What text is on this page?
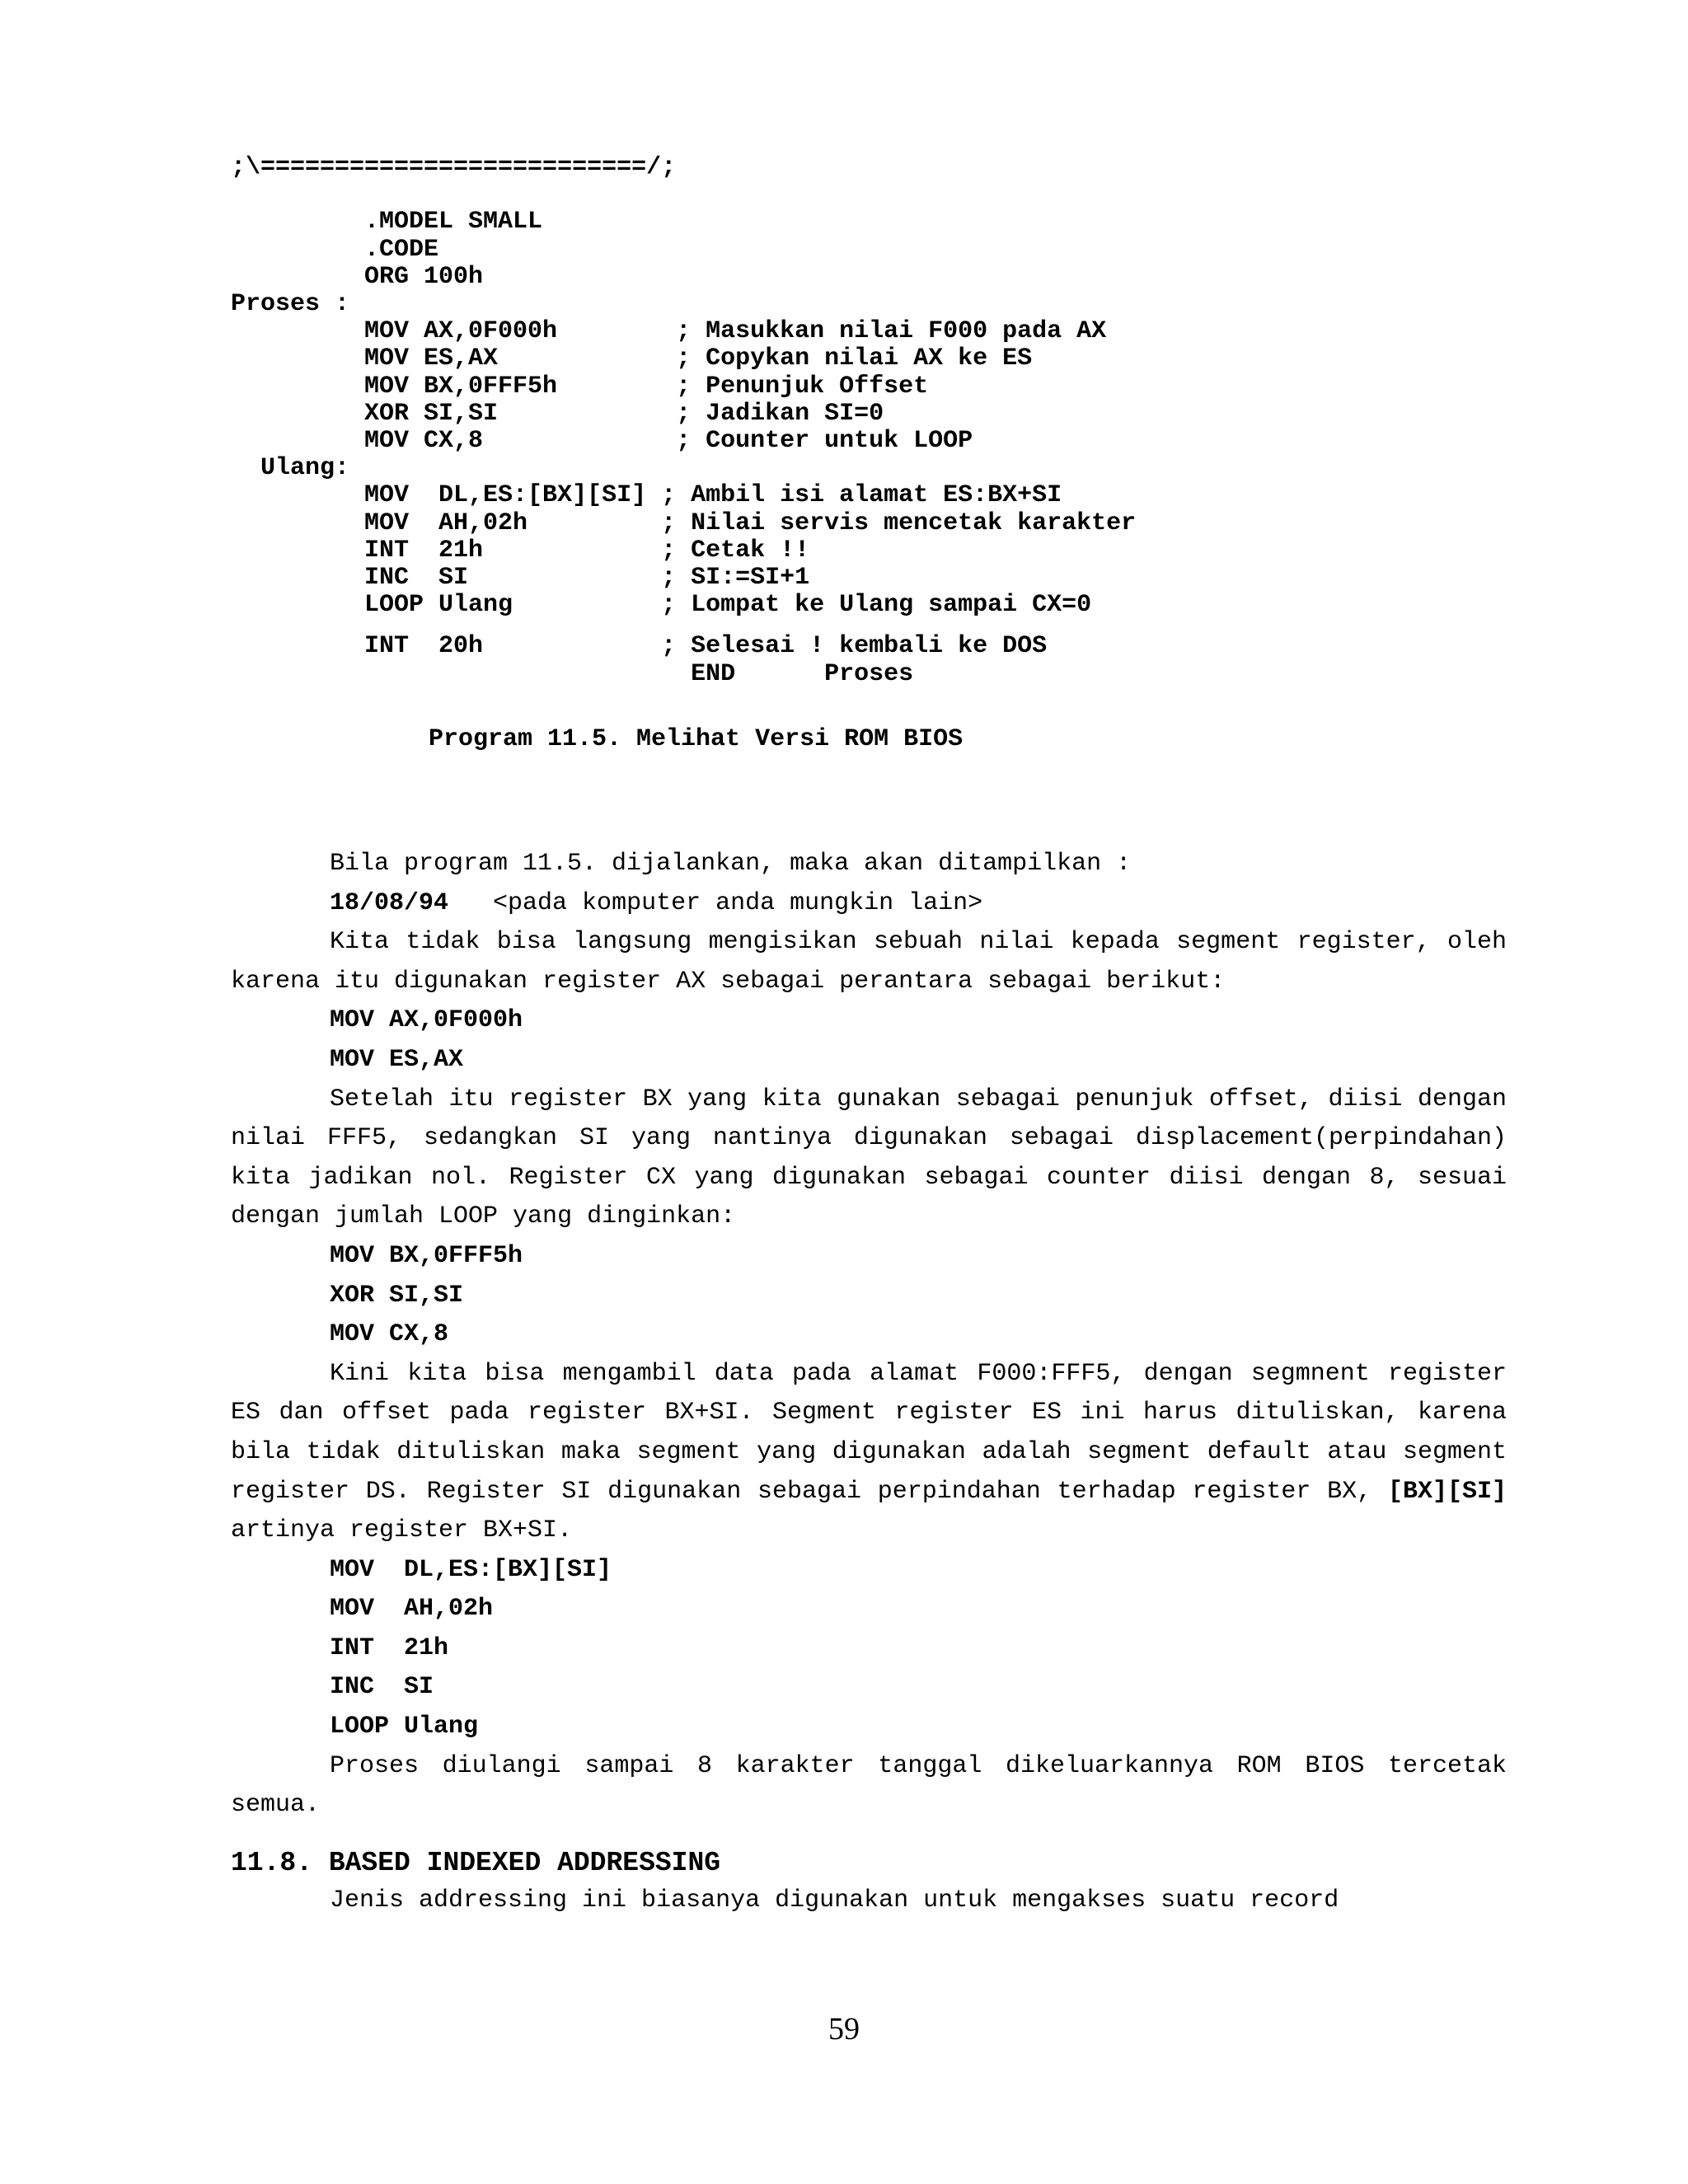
;\==========================/;

.MODEL SMALL
.CODE
ORG 100h
Proses :
MOV AX,0F000h        ; Masukkan nilai F000 pada AX
MOV ES,AX            ; Copykan nilai AX ke ES
MOV BX,0FFF5h        ; Penunjuk Offset
XOR SI,SI            ; Jadikan SI=0
MOV CX,8             ; Counter untuk LOOP
Ulang:
MOV  DL,ES:[BX][SI] ; Ambil isi alamat ES:BX+SI
MOV  AH,02h         ; Nilai servis mencetak karakter
INT  21h            ; Cetak !!
INC  SI             ; SI:=SI+1
LOOP Ulang          ; Lompat ke Ulang sampai CX=0

INT  20h            ; Selesai ! kembali ke DOS
END      Proses
Program 11.5. Melihat Versi ROM BIOS

Bila program 11.5. dijalankan, maka akan ditampilkan :

18/08/94   <pada komputer anda mungkin lain>

Kita tidak bisa langsung mengisikan sebuah nilai kepada segment register, oleh karena itu digunakan register AX sebagai perantara sebagai berikut:

MOV AX,0F000h

MOV ES,AX

Setelah itu register BX yang kita gunakan sebagai penunjuk offset, diisi dengan nilai FFF5, sedangkan SI yang nantinya digunakan sebagai displacement(perpindahan) kita jadikan nol. Register CX yang digunakan sebagai counter diisi dengan 8, sesuai dengan jumlah LOOP yang dinginkan:

MOV BX,0FFF5h

XOR SI,SI

MOV CX,8

Kini kita bisa mengambil data pada alamat F000:FFF5, dengan segmnent register ES dan offset pada register BX+SI. Segment register ES ini harus dituliskan, karena bila tidak dituliskan maka segment yang digunakan adalah segment default atau segment register DS. Register SI digunakan sebagai perpindahan terhadap register BX, [BX][SI] artinya register BX+SI.

MOV  DL,ES:[BX][SI]

MOV  AH,02h

INT  21h

INC  SI

LOOP Ulang

Proses diulangi sampai 8 karakter tanggal dikeluarkannya ROM BIOS tercetak semua.

11.8. BASED INDEXED ADDRESSING

Jenis addressing ini biasanya digunakan untuk mengakses suatu record

59
